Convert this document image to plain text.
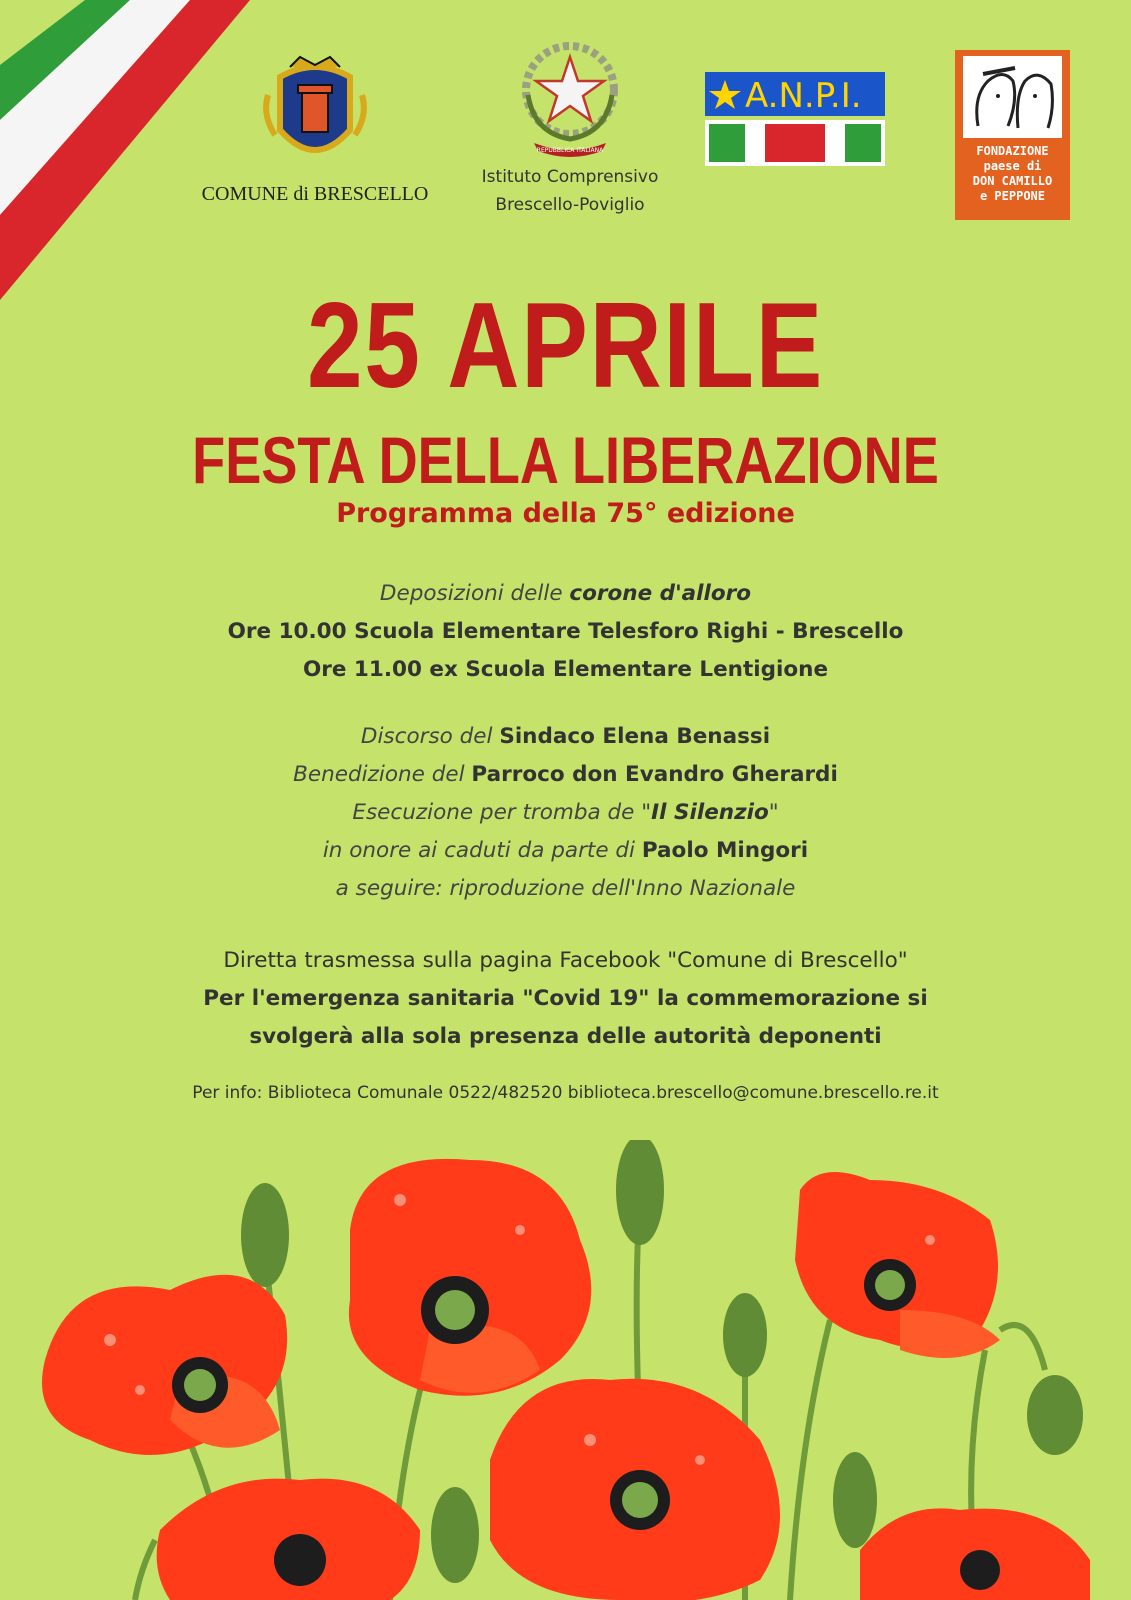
COMUNE di BRESCELLO
REPUBBLICA ITALIANA
Istituto Comprensivo
Brescello-Poviglio
A.N.P.I.
FONDAZIONE
paese di
DON CAMILLO
e PEPPONE
25 APRILE
FESTA DELLA LIBERAZIONE
Programma della 75° edizione

Deposizioni delle corone d'alloro

Ore 10.00 Scuola Elementare Telesforo Righi - Brescello

Ore 11.00 ex Scuola Elementare Lentigione

Discorso del Sindaco Elena Benassi

Benedizione del Parroco don Evandro Gherardi

Esecuzione per tromba de "Il Silenzio"

in onore ai caduti da parte di Paolo Mingori

a seguire: riproduzione dell'Inno Nazionale

Diretta trasmessa sulla pagina Facebook "Comune di Brescello"

Per l'emergenza sanitaria "Covid 19" la commemorazione si

svolgerà alla sola presenza delle autorità deponenti

Per info: Biblioteca Comunale 0522/482520 biblioteca.brescello@comune.brescello.re.it
